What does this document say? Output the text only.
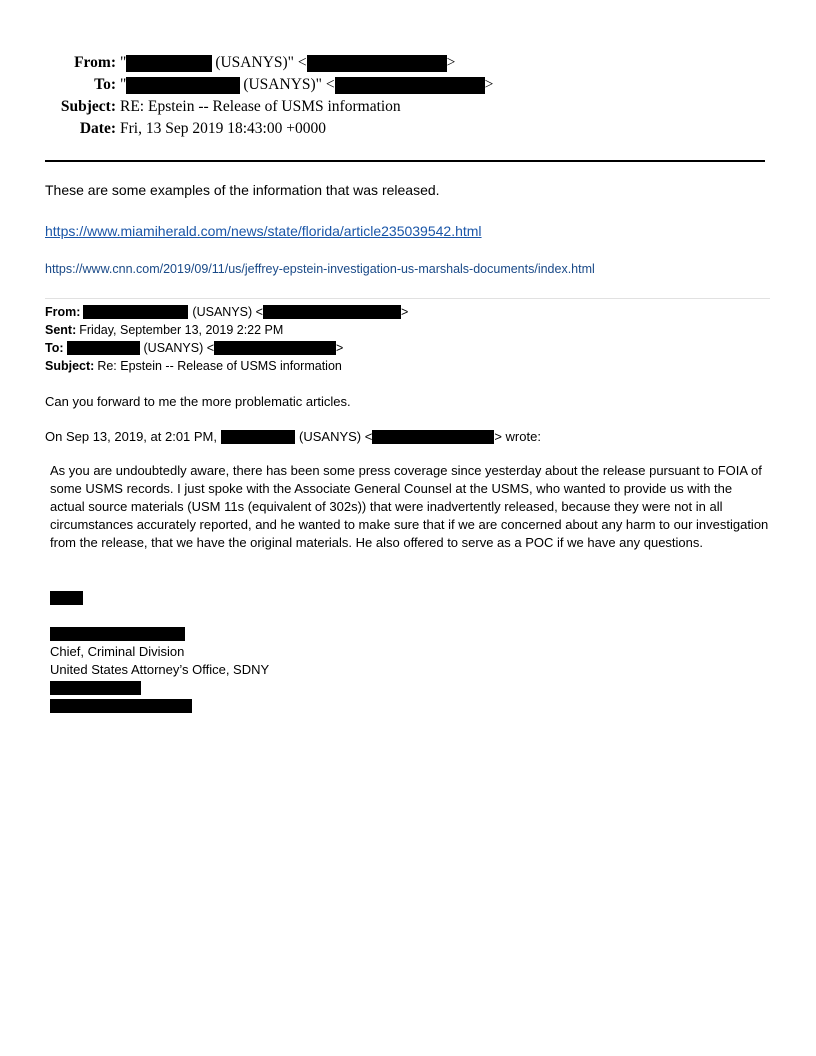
From: "	(USANYS)" <	>
To: "	(USANYS)" <	>
Subject: RE: Epstein -- Release of USMS information
Date: Fri, 13 Sep 2019 18:43:00 +0000
These are some examples of the information that was released.
https://www.miamiherald.com/news/state/florida/article235039542.html
https://www.cnn.com/2019/09/11/us/jeffrey-epstein-investigation-us-marshals-documents/index.html
From:	(USANYS) <	>
Sent: Friday, September 13, 2019 2:22 PM
To:	(USANYS) <	>
Subject: Re: Epstein -- Release of USMS information
Can you forward to me the more problematic articles.
On Sep 13, 2019, at 2:01 PM,	(USANYS) <	> wrote:
As you are undoubtedly aware, there has been some press coverage since yesterday about the release pursuant to FOIA of some USMS records. I just spoke with the Associate General Counsel at the USMS, who wanted to provide us with the actual source materials (USM 11s (equivalent of 302s)) that were inadvertently released, because they were not in all circumstances accurately reported, and he wanted to make sure that if we are concerned about any harm to our investigation from the release, that we have the original materials. He also offered to serve as a POC if we have any questions.
Chief, Criminal Division
United States Attorney’s Office, SDNY
